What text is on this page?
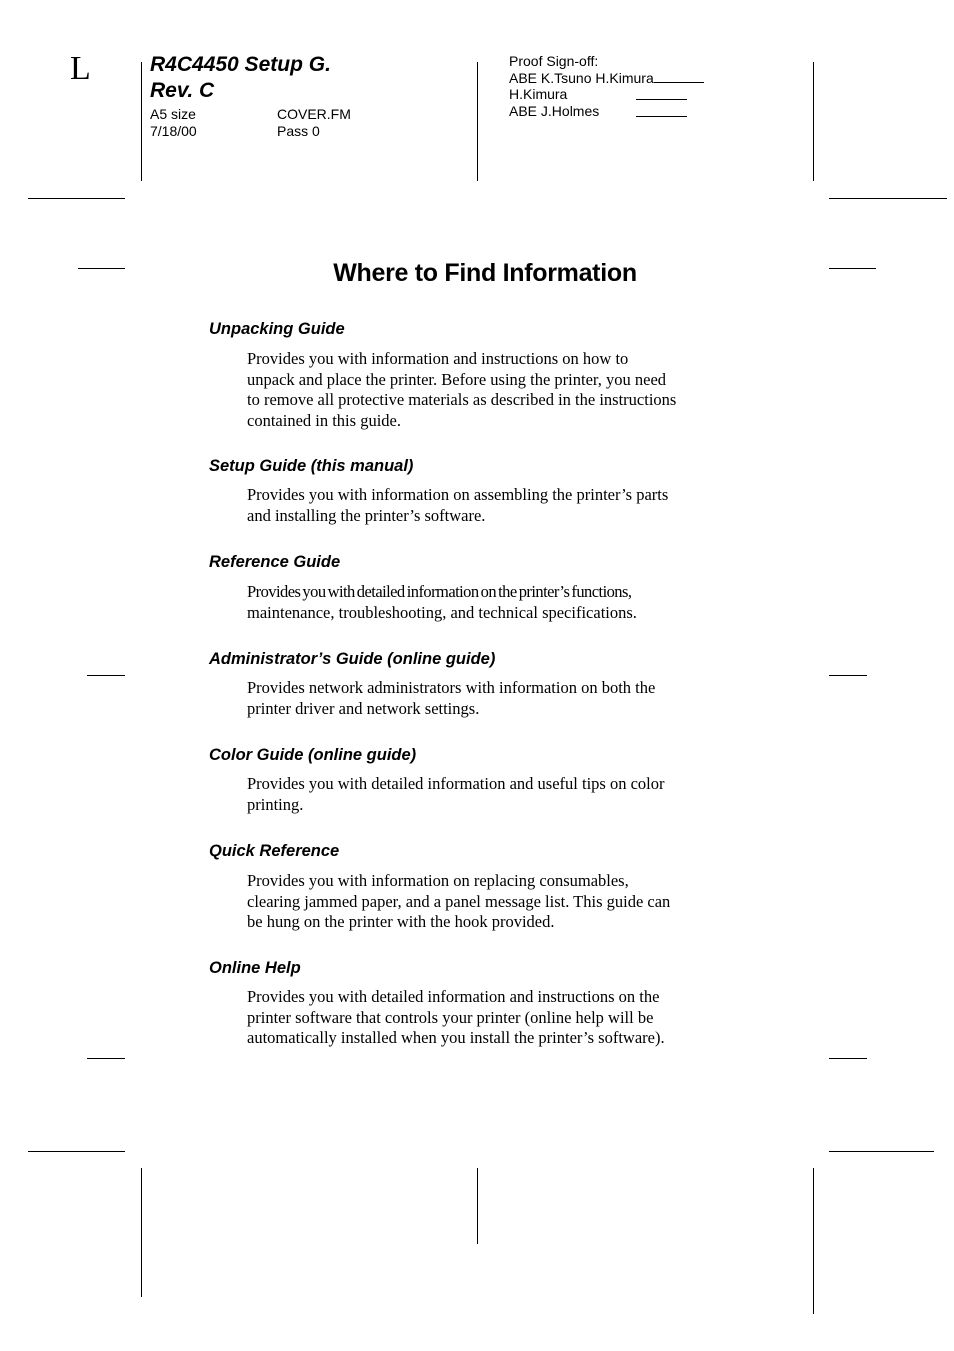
L	R4C4450 Setup G.
Rev. C
A5 size	COVER.FM
7/18/00	Pass 0
Proof Sign-off:
ABE K.Tsuno H.Kimura
H.Kimura
ABE J.Holmes
Where to Find Information
Unpacking Guide
Provides you with information and instructions on how to
unpack and place the printer. Before using the printer, you need
to remove all protective materials as described in the instructions
contained in this guide.
Setup Guide (this manual)
Provides you with information on assembling the printer’s parts
and installing the printer’s software.
Reference Guide
Provides you with detailed information on the printer’s functions,
maintenance, troubleshooting, and technical specifications.
Administrator’s Guide (online guide)
Provides network administrators with information on both the
printer driver and network settings.
Color Guide (online guide)
Provides you with detailed information and useful tips on color
printing.
Quick Reference
Provides you with information on replacing consumables,
clearing jammed paper, and a panel message list. This guide can
be hung on the printer with the hook provided.
Online Help
Provides you with detailed information and instructions on the
printer software that controls your printer (online help will be
automatically installed when you install the printer’s software).
